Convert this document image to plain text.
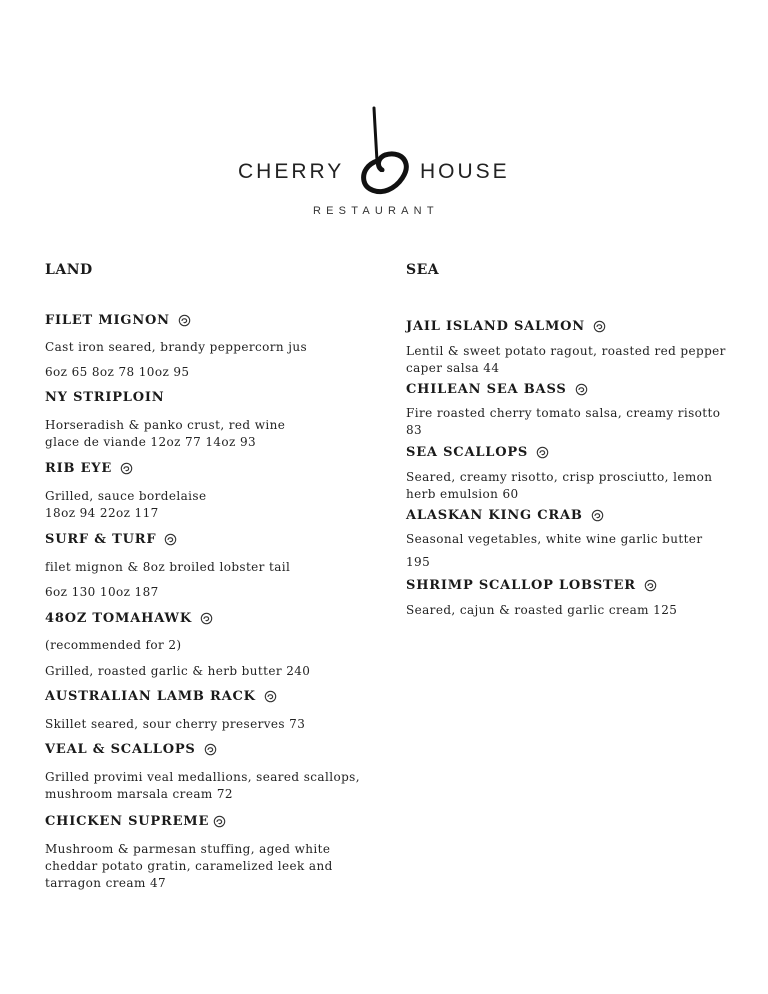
CHERRY	HOUSE
RESTAURANT
LAND
FILET MIGNON

Cast iron seared, brandy peppercorn jus

6oz 65 8oz 78 10oz 95

NY STRIPLOIN

Horseradish & panko crust, red wine
glace de viande 12oz 77 14oz 93

RIB EYE

Grilled, sauce bordelaise
18oz 94 22oz 117

SURF & TURF

filet mignon & 8oz broiled lobster tail

6oz 130 10oz 187

48OZ TOMAHAWK

(recommended for 2)

Grilled, roasted garlic & herb butter 240

AUSTRALIAN LAMB RACK

Skillet seared, sour cherry preserves 73

VEAL & SCALLOPS

Grilled provimi veal medallions, seared scallops,
mushroom marsala cream 72

CHICKEN SUPREME

Mushroom & parmesan stuffing, aged white
cheddar potato gratin, caramelized leek and
tarragon cream 47

SEA
JAIL ISLAND SALMON

Lentil & sweet potato ragout, roasted red pepper
caper salsa 44

CHILEAN SEA BASS

Fire roasted cherry tomato salsa, creamy risotto
83

SEA SCALLOPS

Seared, creamy risotto, crisp prosciutto, lemon
herb emulsion 60

ALASKAN KING CRAB

Seasonal vegetables, white wine garlic butter

195

SHRIMP SCALLOP LOBSTER

Seared, cajun & roasted garlic cream 125
